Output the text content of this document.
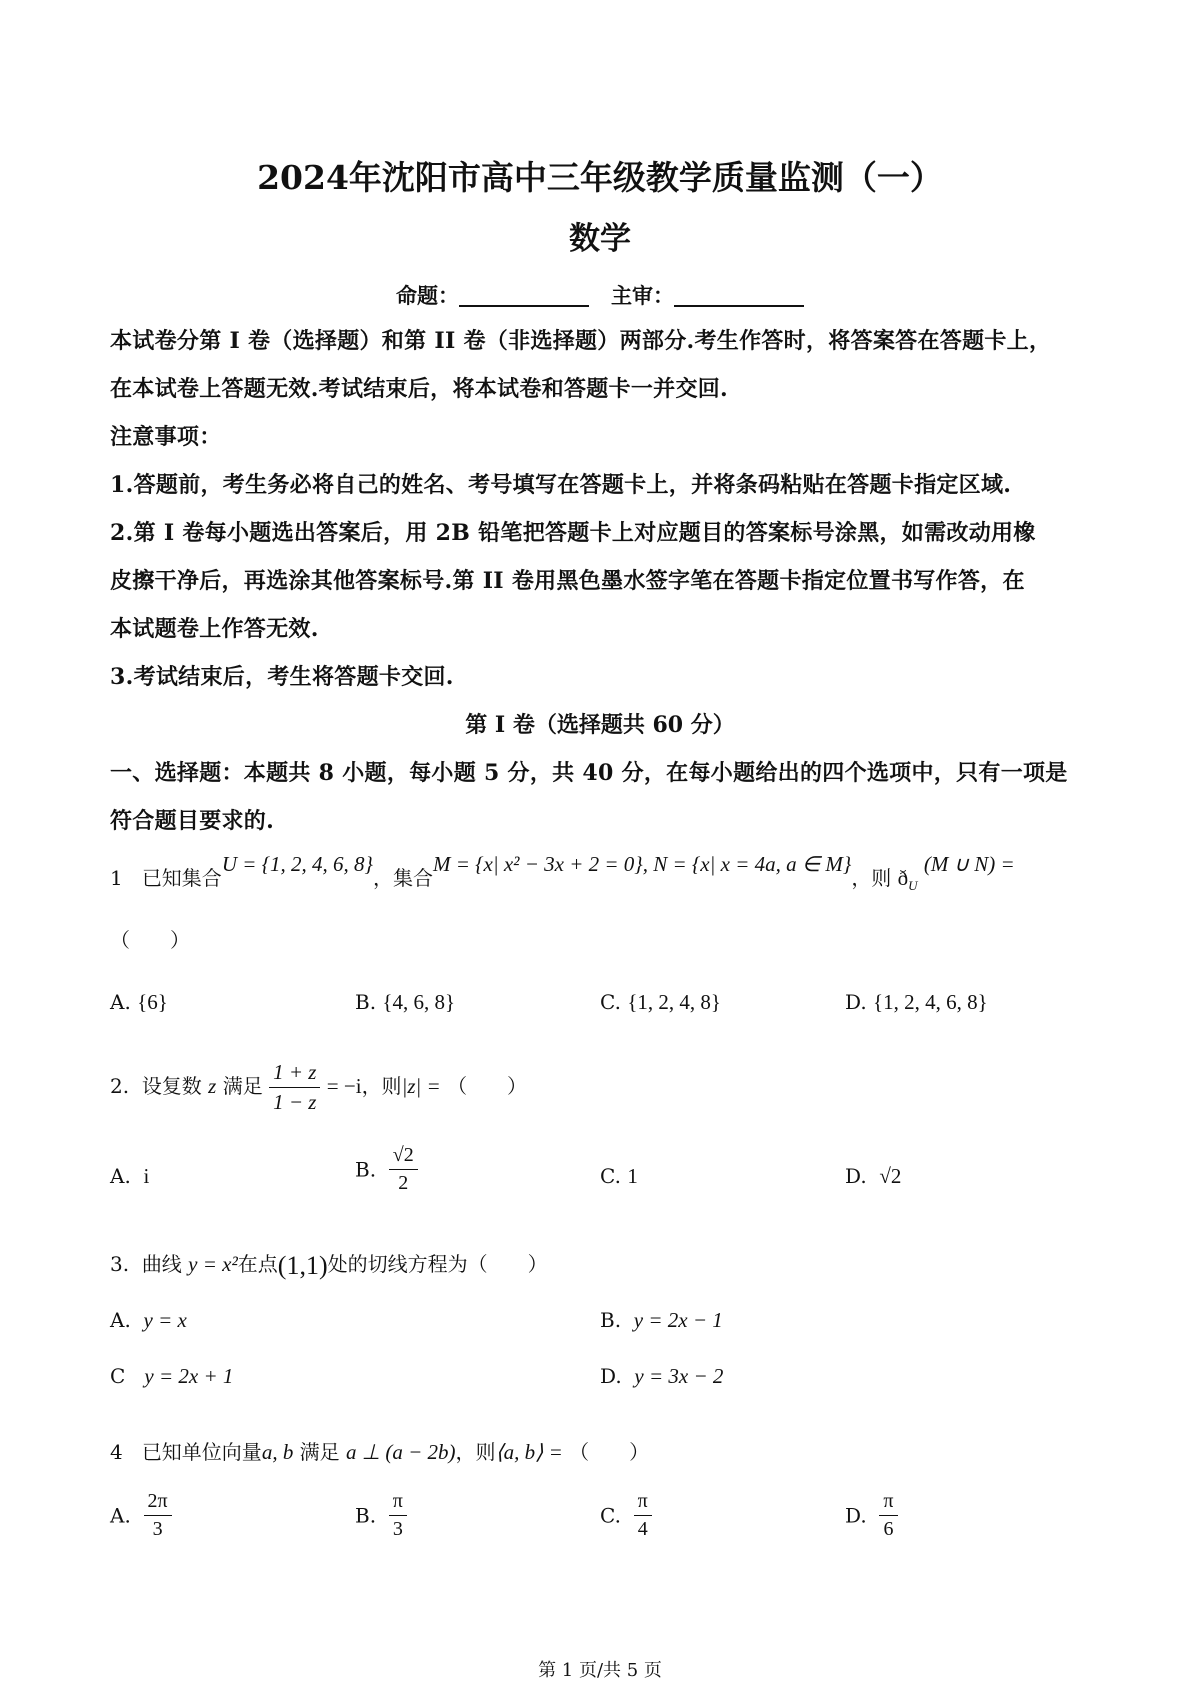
2024年沈阳市高中三年级教学质量监测（一）
数学
命题：	主审：
本试卷分第 I 卷（选择题）和第 II 卷（非选择题）两部分.考生作答时，将答案答在答题卡上，
在本试卷上答题无效.考试结束后，将本试卷和答题卡一并交回.
注意事项：
1.答题前，考生务必将自己的姓名、考号填写在答题卡上，并将条码粘贴在答题卡指定区域.
2.第 I 卷每小题选出答案后，用 2B 铅笔把答题卡上对应题目的答案标号涂黑，如需改动用橡
皮擦干净后，再选涂其他答案标号.第 II 卷用黑色墨水签字笔在答题卡指定位置书写作答，在
本试题卷上作答无效.
3.考试结束后，考生将答题卡交回.
第 I 卷（选择题共 60 分）
一、选择题：本题共 8 小题，每小题 5 分，共 40 分，在每小题给出的四个选项中，只有一项是
符合题目要求的.
1 已知集合U = {1, 2, 4, 6, 8}，集合M = {x| x² − 3x + 2 = 0}, N = {x| x = 4a, a ∈ M}，则 $ð_U$ (M ∪ N) =
（　　）
A. {6}	B. {4, 6, 8}	C. {1, 2, 4, 8}	D. {1, 2, 4, 6, 8}
2. 设复数 z 满足 $\frac{1 + z}{1 - z} = -i$，则|z| = （　　）
A. i	B. $\frac{√2}{2}$	C. 1	D. √2
3. 曲线 y = x²在点(1,1)处的切线方程为（　　）
A. y = x	B. y = 2x − 1
C y = 2x + 1	D. y = 3x − 2
4 已知单位向量a, b 满足 a ⊥ (a − 2b)，则⟨a, b⟩ = （　　）
A. $\frac{2\pi}{3}$	B. $\frac{\pi}{3}$	C. $\frac{\pi}{4}$	D. $\frac{\pi}{6}$
第 1 页/共 5 页
